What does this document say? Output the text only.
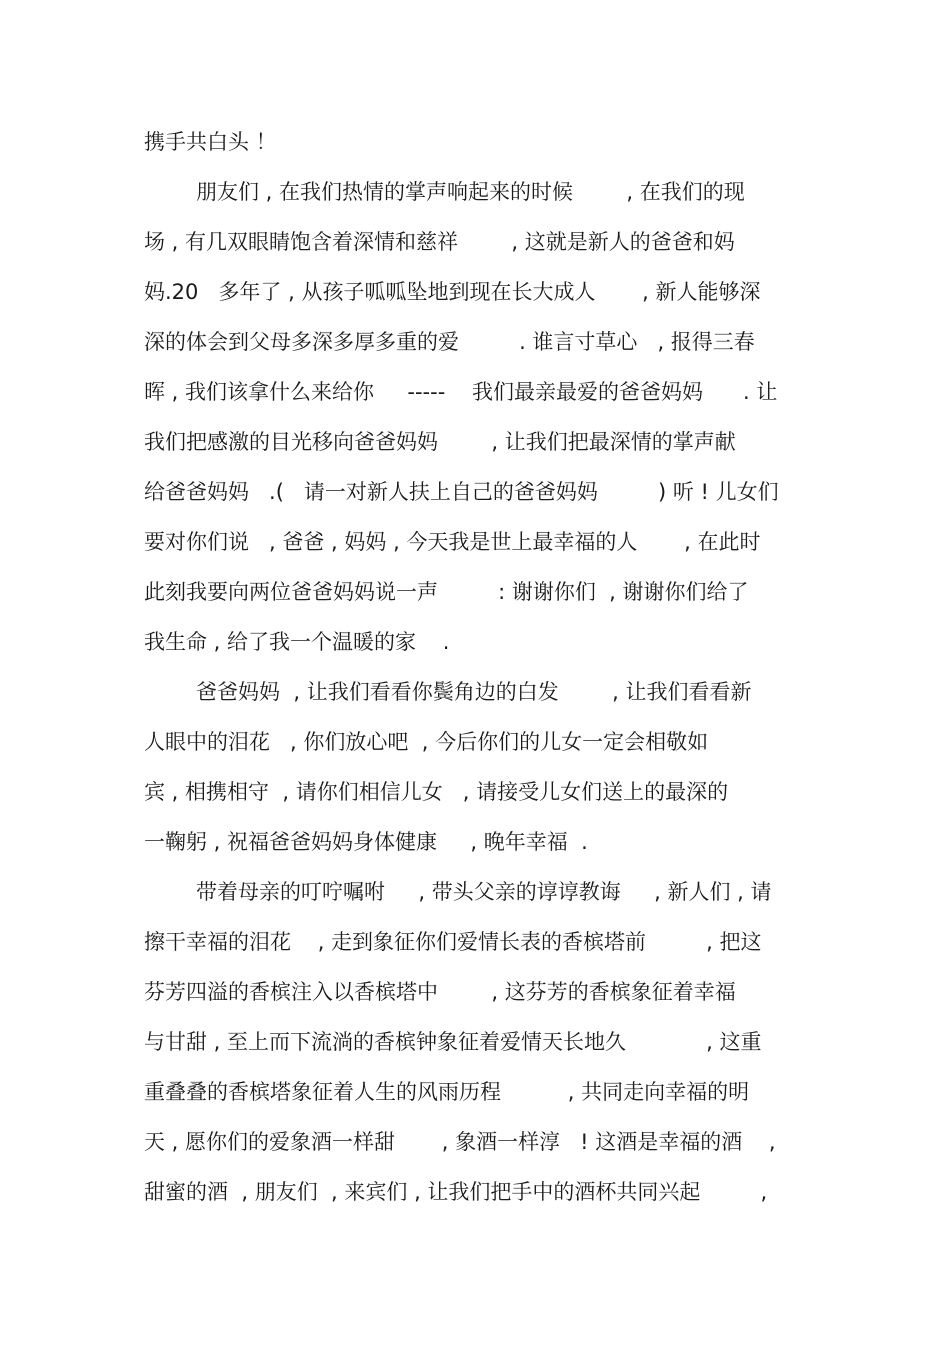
携手共白头 ！
朋友们 , 在我们热情的掌声响起来的时候        , 在我们的现
场 , 有几双眼睛饱含着深情和慈祥        , 这就是新人的爸爸和妈
妈.20   多年了 , 从孩子呱呱坠地到现在长大成人       , 新人能够深
深的体会到父母多深多厚多重的爱         . 谁言寸草心   , 报得三春
晖 , 我们该拿什么来给你     -----    我们最亲最爱的爸爸妈妈      . 让
我们把感激的目光移向爸爸妈妈        , 让我们把最深情的掌声献
给爸爸妈妈   .(   请一对新人扶上自己的爸爸妈妈         ) 听 ! 儿女们
要对你们说   , 爸爸 , 妈妈 , 今天我是世上最幸福的人       , 在此时
此刻我要向两位爸爸妈妈说一声         : 谢谢你们  , 谢谢你们给了
我生命 , 给了我一个温暖的家    .
爸爸妈妈  , 让我们看看你鬓角边的白发        , 让我们看看新
人眼中的泪花   , 你们放心吧  , 今后你们的儿女一定会相敬如
宾 , 相携相守  , 请你们相信儿女   , 请接受儿女们送上的最深的
一鞠躬 , 祝福爸爸妈妈身体健康     , 晚年幸福  .
带着母亲的叮咛嘱咐     , 带头父亲的谆谆教诲     , 新人们 , 请
擦干幸福的泪花    , 走到象征你们爱情长表的香槟塔前         , 把这
芬芳四溢的香槟注入以香槟塔中        , 这芬芳的香槟象征着幸福
与甘甜 , 至上而下流淌的香槟钟象征着爱情天长地久            , 这重
重叠叠的香槟塔象征着人生的风雨历程          , 共同走向幸福的明
天 , 愿你们的爱象酒一样甜       , 象酒一样淳   ! 这酒是幸福的酒    ,
甜蜜的酒  , 朋友们  , 来宾们 , 让我们把手中的酒杯共同兴起         ,
